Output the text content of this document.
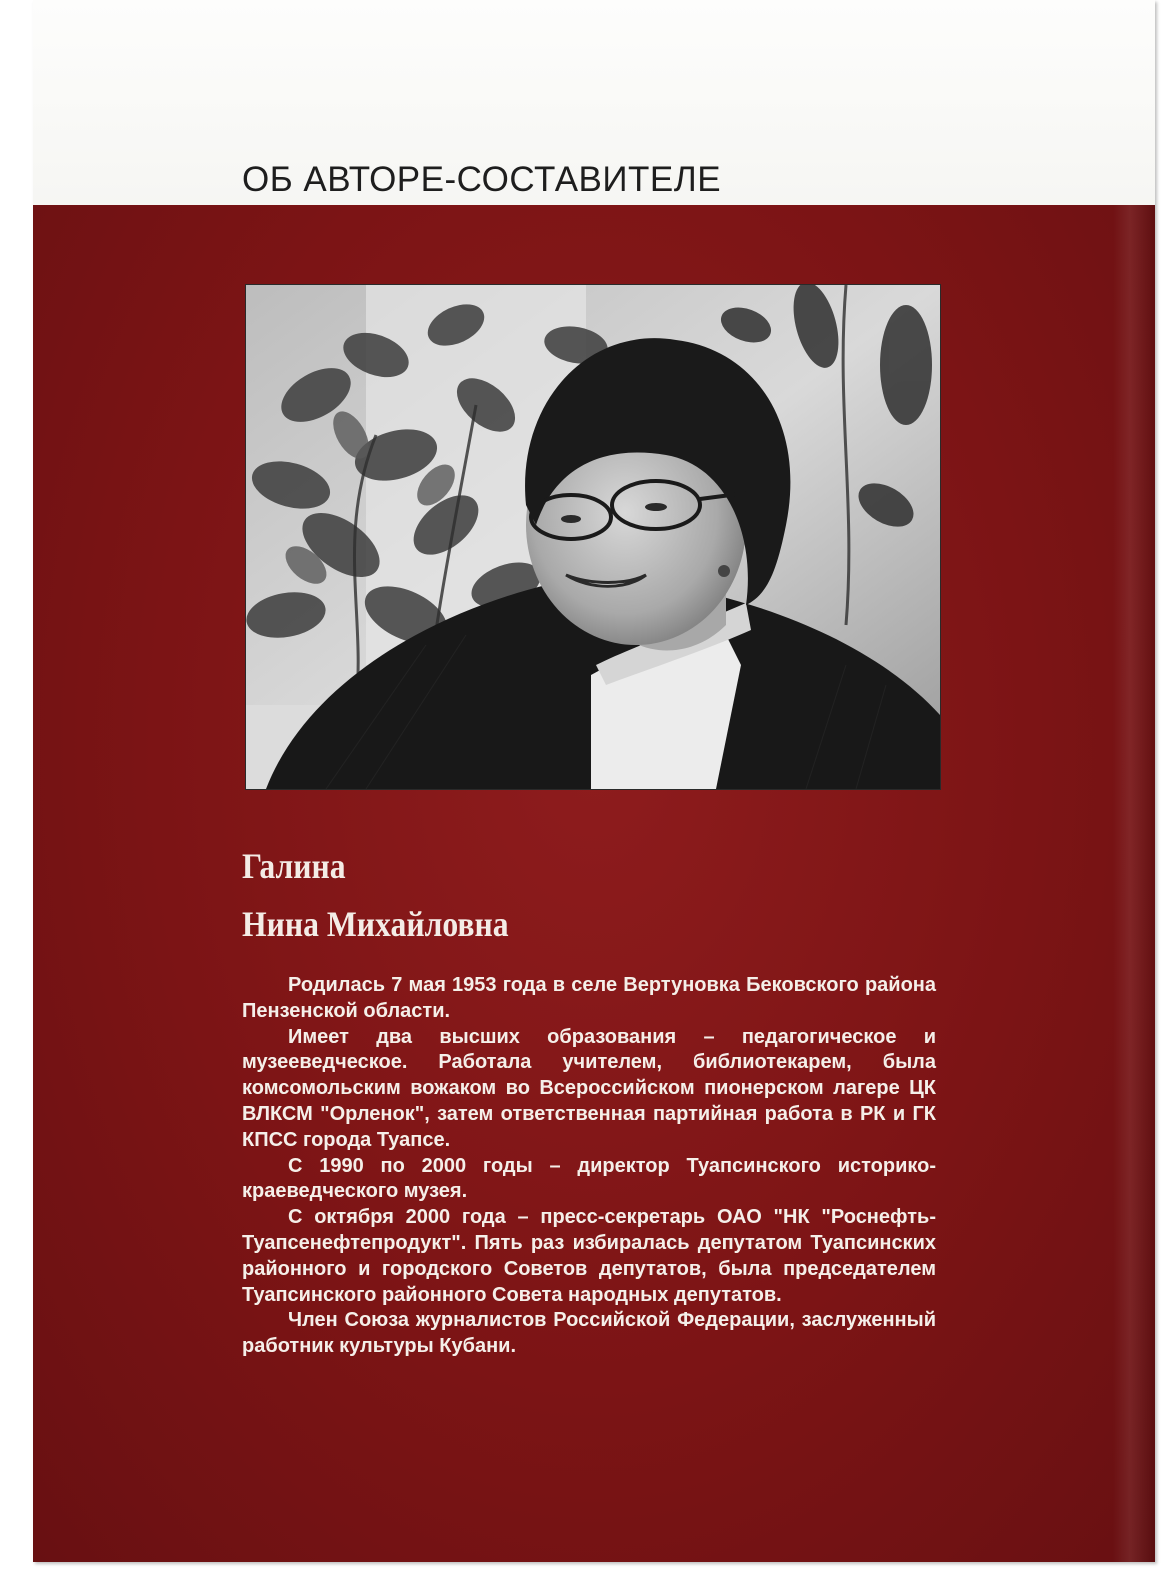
ОБ АВТОРЕ-СОСТАВИТЕЛЕ
Галина
Нина Михайловна

Родилась 7 мая 1953 года в селе Вертуновка Бековского района Пензенской области.

Имеет два высших образования – педагогическое и музееведческое. Работала учителем, библиотекарем, была комсомольским вожаком во Всероссийском пионерском лагере ЦК ВЛКСМ "Орленок", затем ответственная партийная работа в РК и ГК КПСС города Туапсе.

С 1990 по 2000 годы – директор Туапсинского историко-краеведческого музея.

С октября 2000 года – пресс-секретарь ОАО "НК "Роснефть-Туапсенефтепродукт". Пять раз избиралась депутатом Туапсинских районного и городского Советов депутатов, была председателем Туапсинского районного Совета народных депутатов.

Член Союза журналистов Российской Федерации, заслуженный работник культуры Кубани.
